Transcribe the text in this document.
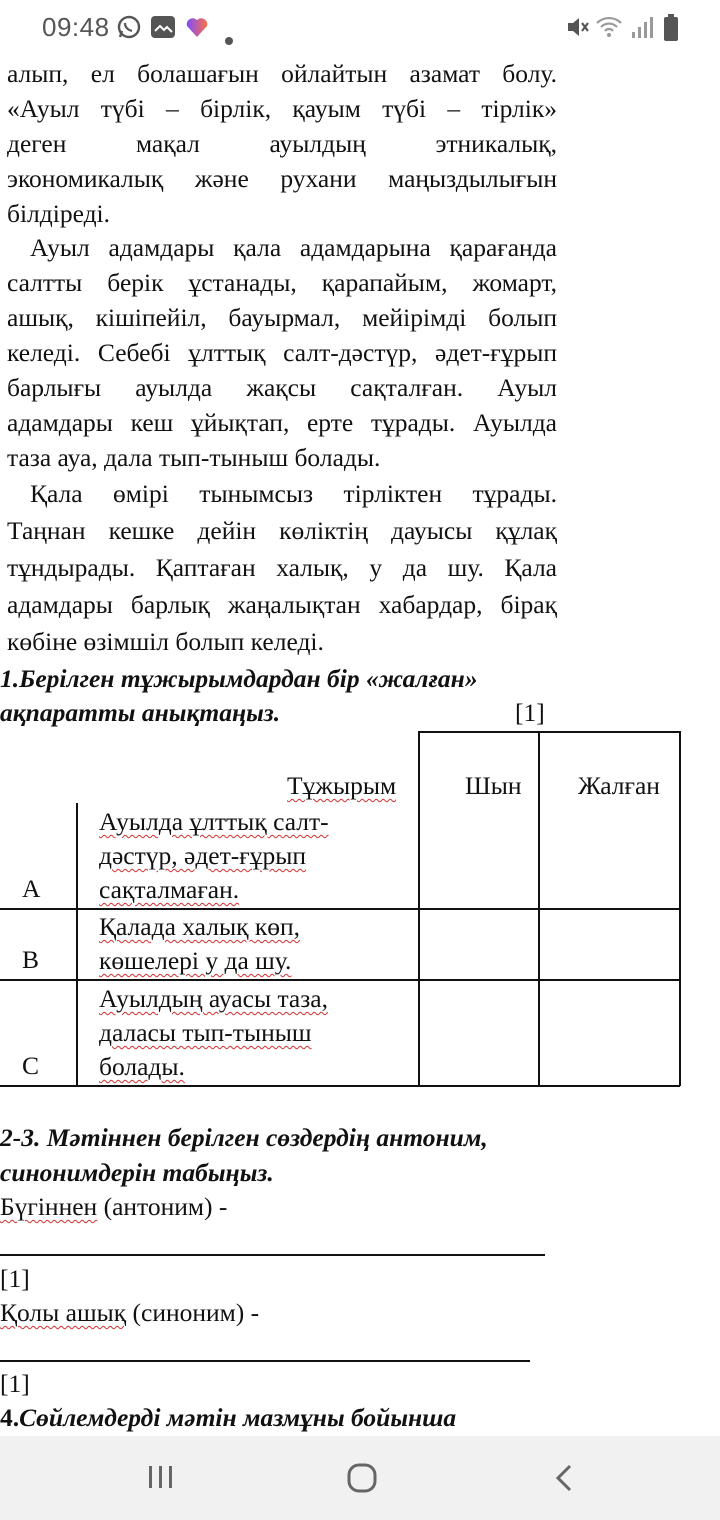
09:48
алып, ел болашағын ойлайтын азамат болу.
«Ауыл түбі – бірлік, қауым түбі – тірлік»
деген мақал ауылдың этникалық,
экономикалық және рухани маңыздылығын
білдіреді.
Ауыл адамдары қала адамдарына қарағанда
салтты берік ұстанады, қарапайым, жомарт,
ашық, кішіпейіл, бауырмал, мейірімді болып
келеді. Себебі ұлттық салт-дәстүр, әдет-ғұрып
барлығы ауылда жақсы сақталған. Ауыл
адамдары кеш ұйықтап, ерте тұрады. Ауылда
таза ауа, дала тып-тыныш болады.
Қала өмірі тынымсыз тірліктен тұрады.
Таңнан кешке дейін көліктің дауысы құлақ
тұндырады. Қаптаған халық, у да шу. Қала
адамдары барлық жаңалықтан хабардар, бірақ
көбіне өзімшіл болып келеді.
1.Берілген тұжырымдардан бір «жалған»
ақпаратты анықтаңыз.	[1]
Тұжырым	Шын Жалған
A
Ауылда ұлттық салт-
дәстүр, әдет-ғұрып
сақталмаған.
B
Қалада халық көп,
көшелері у да шу.
C
Ауылдың ауасы таза,
даласы тып-тыныш
болады.
2-3. Мәтіннен берілген сөздердің антоним,
синонимдерін табыңыз.
Бүгіннен (антоним) -
[1]
Қолы ашық (синоним) -
[1]
4.Сөйлемдерді мәтін мазмұны бойынша
